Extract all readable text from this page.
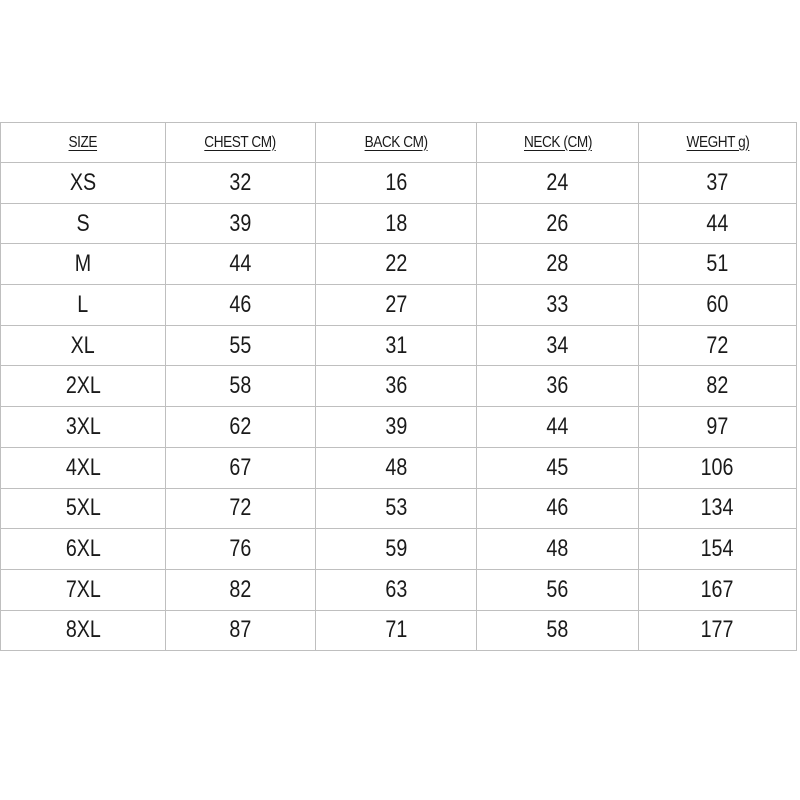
SIZE	CHEST CM)	BACK CM)	NECK (CM)	WEGHT g)
XS	32	16	24	37
S	39	18	26	44
M	44	22	28	51
L	46	27	33	60
XL	55	31	34	72
2XL	58	36	36	82
3XL	62	39	44	97
4XL	67	48	45	106
5XL	72	53	46	134
6XL	76	59	48	154
7XL	82	63	56	167
8XL	87	71	58	177
